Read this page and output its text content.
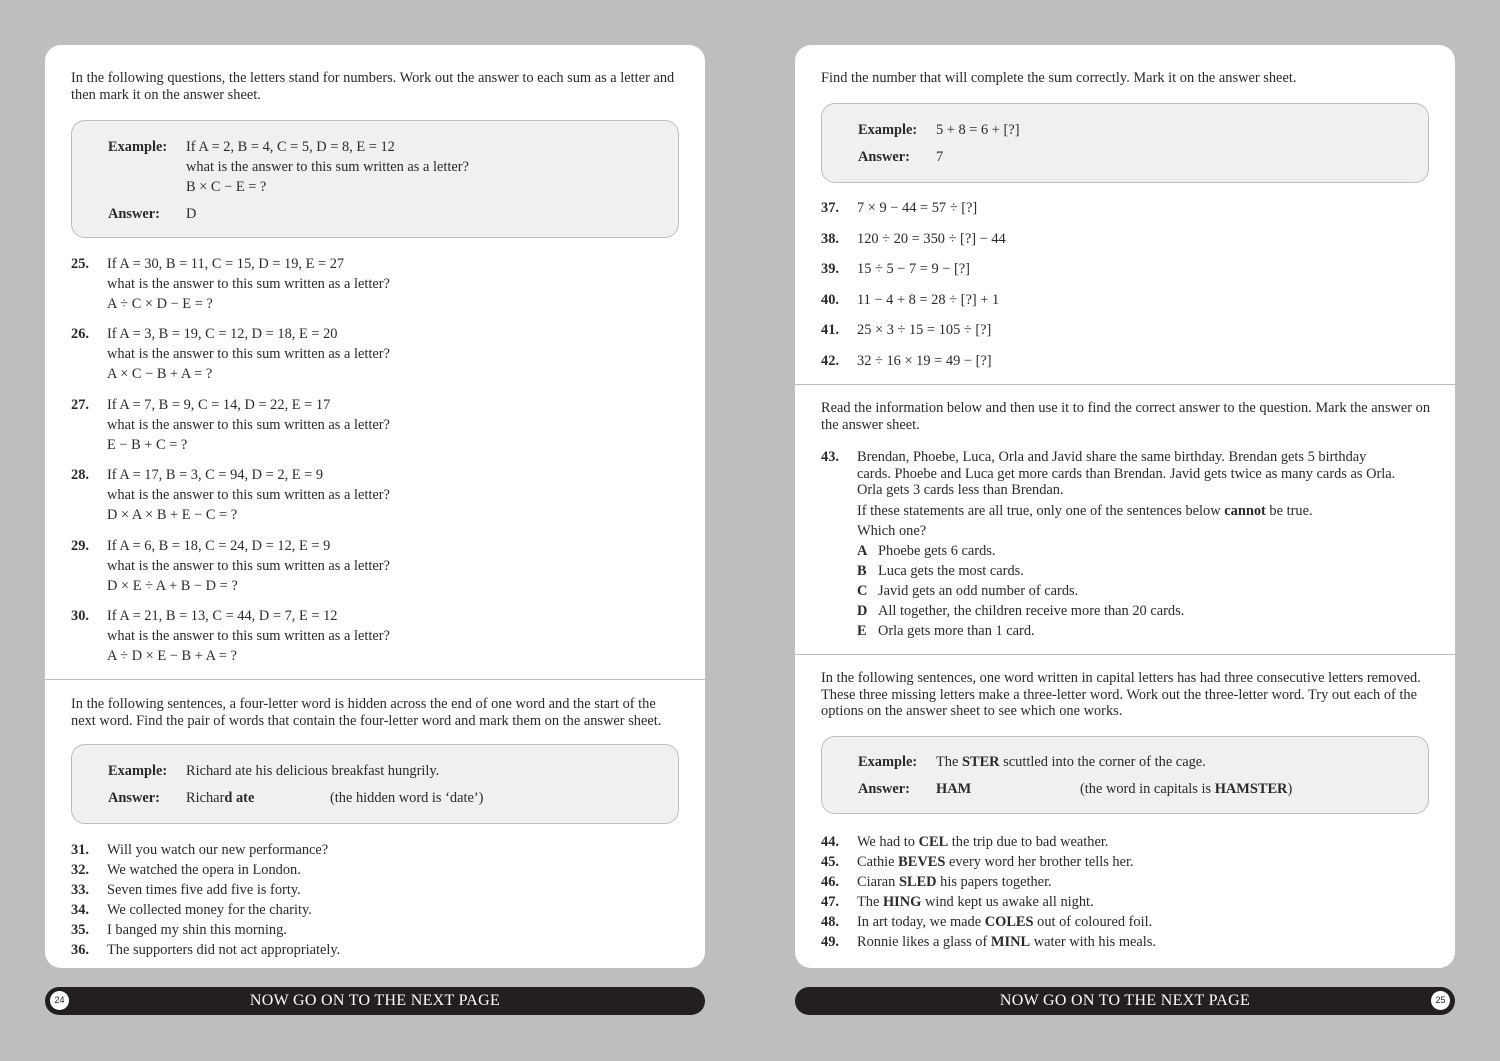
In the following questions, the letters stand for numbers. Work out the answer to each sum as a letter and then mark it on the answer sheet.

Example: If A = 2, B = 4, C = 5, D = 8, E = 12
what is the answer to this sum written as a letter?
B × C − E = ?
Answer: D
25.	If A = 30, B = 11, C = 15, D = 19, E = 27
what is the answer to this sum written as a letter?
A ÷ C × D − E = ?
26.	If A = 3, B = 19, C = 12, D = 18, E = 20
what is the answer to this sum written as a letter?
A × C − B + A = ?
27.	If A = 7, B = 9, C = 14, D = 22, E = 17
what is the answer to this sum written as a letter?
E − B + C = ?
28.	If A = 17, B = 3, C = 94, D = 2, E = 9
what is the answer to this sum written as a letter?
D × A × B + E − C = ?
29.	If A = 6, B = 18, C = 24, D = 12, E = 9
what is the answer to this sum written as a letter?
D × E ÷ A + B − D = ?
30.	If A = 21, B = 13, C = 44, D = 7, E = 12
what is the answer to this sum written as a letter?
A ÷ D × E − B + A = ?

In the following sentences, a four-letter word is hidden across the end of one word and the start of the next word. Find the pair of words that contain the four-letter word and mark them on the answer sheet.

Example: Richard ate his delicious breakfast hungrily.
Answer: Richard ate	(the hidden word is ‘date’)
31.	Will you watch our new performance?
32.	We watched the opera in London.
33.	Seven times five add five is forty.
34.	We collected money for the charity.
35.	I banged my shin this morning.
36.	The supporters did not act appropriately.

Find the number that will complete the sum correctly. Mark it on the answer sheet.

Example: 5 + 8 = 6 + [?]
Answer: 7
37.	7 × 9 − 44 = 57 ÷ [?]
38.	120 ÷ 20 = 350 ÷ [?] − 44
39.	15 ÷ 5 − 7 = 9 − [?]
40.	11 − 4 + 8 = 28 ÷ [?] + 1
41.	25 × 3 ÷ 15 = 105 ÷ [?]
42.	32 ÷ 16 × 19 = 49 − [?]

Read the information below and then use it to find the correct answer to the question. Mark the answer on the answer sheet.

43.	Brendan, Phoebe, Luca, Orla and Javid share the same birthday. Brendan gets 5 birthday
cards. Phoebe and Luca get more cards than Brendan. Javid gets twice as many cards as Orla.
Orla gets 3 cards less than Brendan.
If these statements are all true, only one of the sentences below cannot be true.
Which one?
A Phoebe gets 6 cards.
B Luca gets the most cards.
C Javid gets an odd number of cards.
D All together, the children receive more than 20 cards.
E Orla gets more than 1 card.

In the following sentences, one word written in capital letters has had three consecutive letters removed. These three missing letters make a three-letter word. Work out the three-letter word. Try out each of the options on the answer sheet to see which one works.

Example: The STER scuttled into the corner of the cage.
Answer: HAM	(the word in capitals is HAMSTER)
44.	We had to CEL the trip due to bad weather.
45.	Cathie BEVES every word her brother tells her.
46.	Ciaran SLED his papers together.
47.	The HING wind kept us awake all night.
48.	In art today, we made COLES out of coloured foil.
49.	Ronnie likes a glass of MINL water with his meals.
24	NOW GO ON TO THE NEXT PAGE	NOW GO ON TO THE NEXT PAGE	25
